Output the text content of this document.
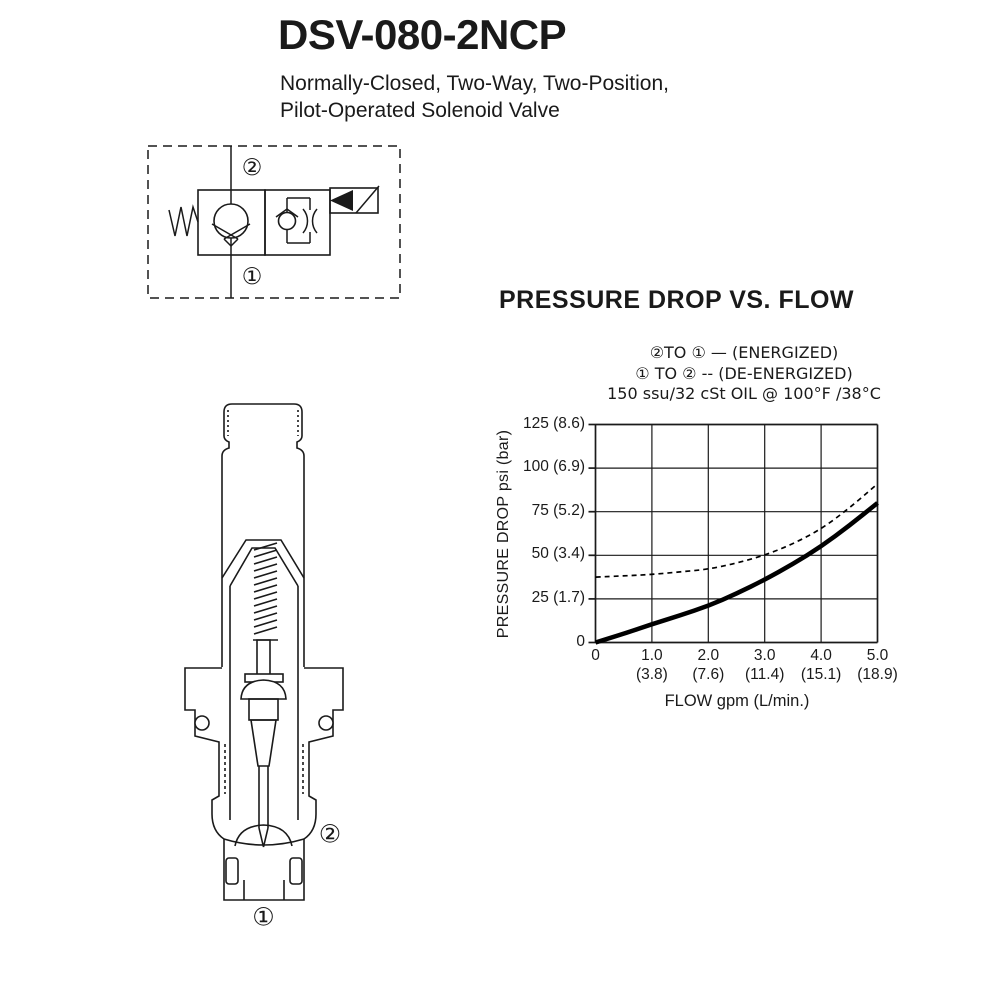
DSV-080-2NCP
Normally-Closed, Two-Way, Two-Position,
Pilot-Operated Solenoid Valve
②
①
②
①
PRESSURE DROP VS. FLOW
②TO ① — (ENERGIZED)
① TO ② -- (DE-ENERGIZED)
150 ssu/32 cSt OIL @ 100°F /38°C
PRESSURE DROP psi (bar)
0
25 (1.7)
50 (3.4)
75 (5.2)
100 (6.9)
125 (8.6)
0	1.0
(3.8)
2.0
(7.6)
3.0
(11.4)
4.0
(15.1)
5.0
(18.9)
FLOW gpm (L/min.)
